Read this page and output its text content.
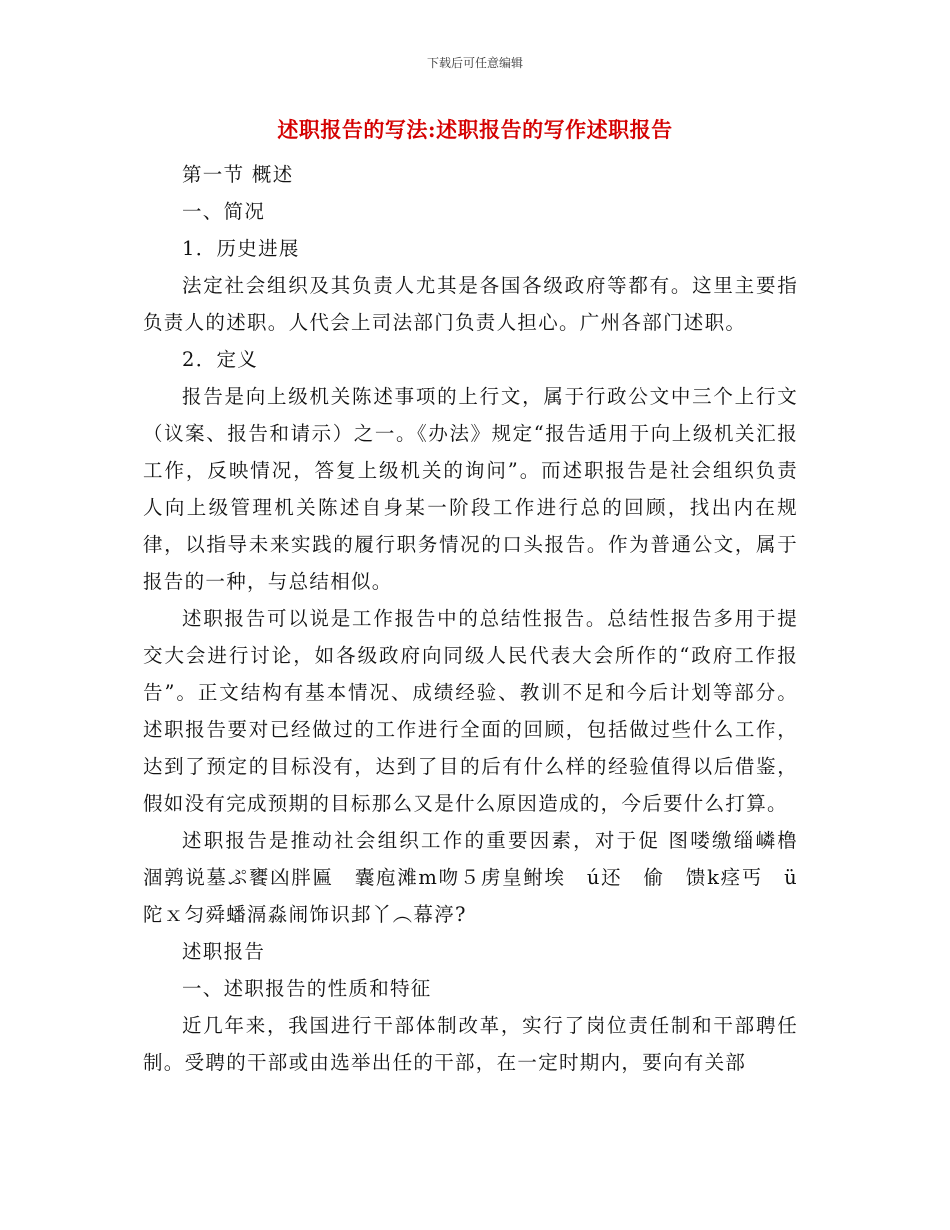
下载后可任意编辑
述职报告的写法:述职报告的写作述职报告

第一节 概述

一、简况

1．历史进展

法定社会组织及其负责人尤其是各国各级政府等都有。这里主要指负责人的述职。人代会上司法部门负责人担心。广州各部门述职。

2．定义

报告是向上级机关陈述事项的上行文，属于行政公文中三个上行文（议案、报告和请示）之一。《办法》规定“报告适用于向上级机关汇报工作，反映情况，答复上级机关的询问”。而述职报告是社会组织负责人向上级管理机关陈述自身某一阶段工作进行总的回顾，找出内在规律，以指导未来实践的履行职务情况的口头报告。作为普通公文，属于报告的一种，与总结相似。

述职报告可以说是工作报告中的总结性报告。总结性报告多用于提交大会进行讨论，如各级政府向同级人民代表大会所作的“政府工作报告”。正文结构有基本情况、成绩经验、教训不足和今后计划等部分。述职报告要对已经做过的工作进行全面的回顾，包括做过些什么工作，达到了预定的目标没有，达到了目的后有什么样的经验值得以后借鉴，假如没有完成预期的目标那么又是什么原因造成的，今后要什么打算。

述职报告是推动社会组织工作的重要因素，对于促 图喽缴缁嶙橹　涸鹑说墓ぷ饔凶胖匾　囊庖滩m吻５虏皇鲋埃　ú还　偷　馈k痉丐　ü　陀ｘ匀舜蟠滆淼闹饰识邽丫︵幕渟?

述职报告

一、述职报告的性质和特征

近几年来，我国进行干部体制改革，实行了岗位责任制和干部聘任制。受聘的干部或由选举出任的干部，在一定时期内，要向有关部
